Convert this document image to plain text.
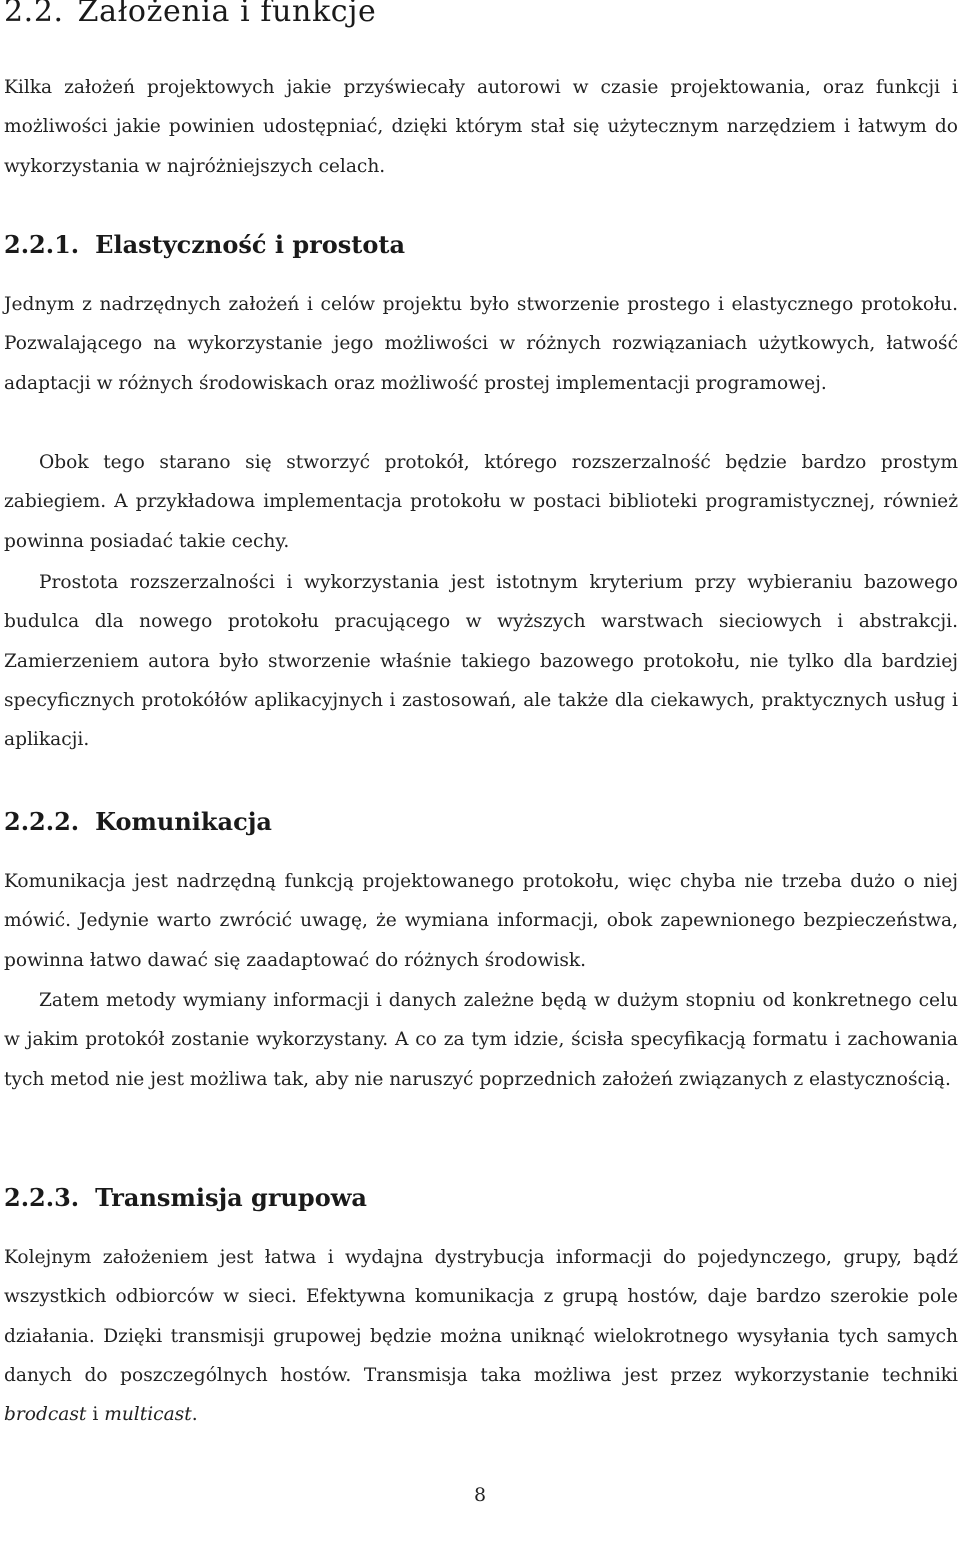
2.2. Założenia i funkcje

Kilka założeń projektowych jakie przyświecały autorowi w czasie projektowania, oraz funkcji i możliwości jakie powinien udostępniać, dzięki którym stał się użytecznym narzędziem i łatwym do wykorzystania w najróżniejszych celach.

2.2.1. Elastyczność i prostota

Jednym z nadrzędnych założeń i celów projektu było stworzenie prostego i elastycznego protokołu. Pozwalającego na wykorzystanie jego możliwości w różnych rozwiązaniach użytkowych, łatwość adaptacji w różnych środowiskach oraz możliwość prostej implementacji programowej.

Obok tego starano się stworzyć protokół, którego rozszerzalność będzie bardzo prostym zabiegiem. A przykładowa implementacja protokołu w postaci biblioteki programistycznej, również powinna posiadać takie cechy.

Prostota rozszerzalności i wykorzystania jest istotnym kryterium przy wybieraniu bazowego budulca dla nowego protokołu pracującego w wyższych warstwach sieciowych i abstrakcji. Zamierzeniem autora było stworzenie właśnie takiego bazowego protokołu, nie tylko dla bardziej specyficznych protokółów aplikacyjnych i zastosowań, ale także dla ciekawych, praktycznych usług i aplikacji.

2.2.2. Komunikacja

Komunikacja jest nadrzędną funkcją projektowanego protokołu, więc chyba nie trzeba dużo o niej mówić. Jedynie warto zwrócić uwagę, że wymiana informacji, obok zapewnionego bezpieczeństwa, powinna łatwo dawać się zaadaptować do różnych środowisk.

Zatem metody wymiany informacji i danych zależne będą w dużym stopniu od konkretnego celu w jakim protokół zostanie wykorzystany. A co za tym idzie, ścisła specyfikacją formatu i zachowania tych metod nie jest możliwa tak, aby nie naruszyć poprzednich założeń związanych z elastycznością.

2.2.3. Transmisja grupowa

Kolejnym założeniem jest łatwa i wydajna dystrybucja informacji do pojedynczego, grupy, bądź wszystkich odbiorców w sieci. Efektywna komunikacja z grupą hostów, daje bardzo szerokie pole działania. Dzięki transmisji grupowej będzie można uniknąć wielokrotnego wysyłania tych samych danych do poszczególnych hostów. Transmisja taka możliwa jest przez wykorzystanie techniki brodcast i multicast.

8
